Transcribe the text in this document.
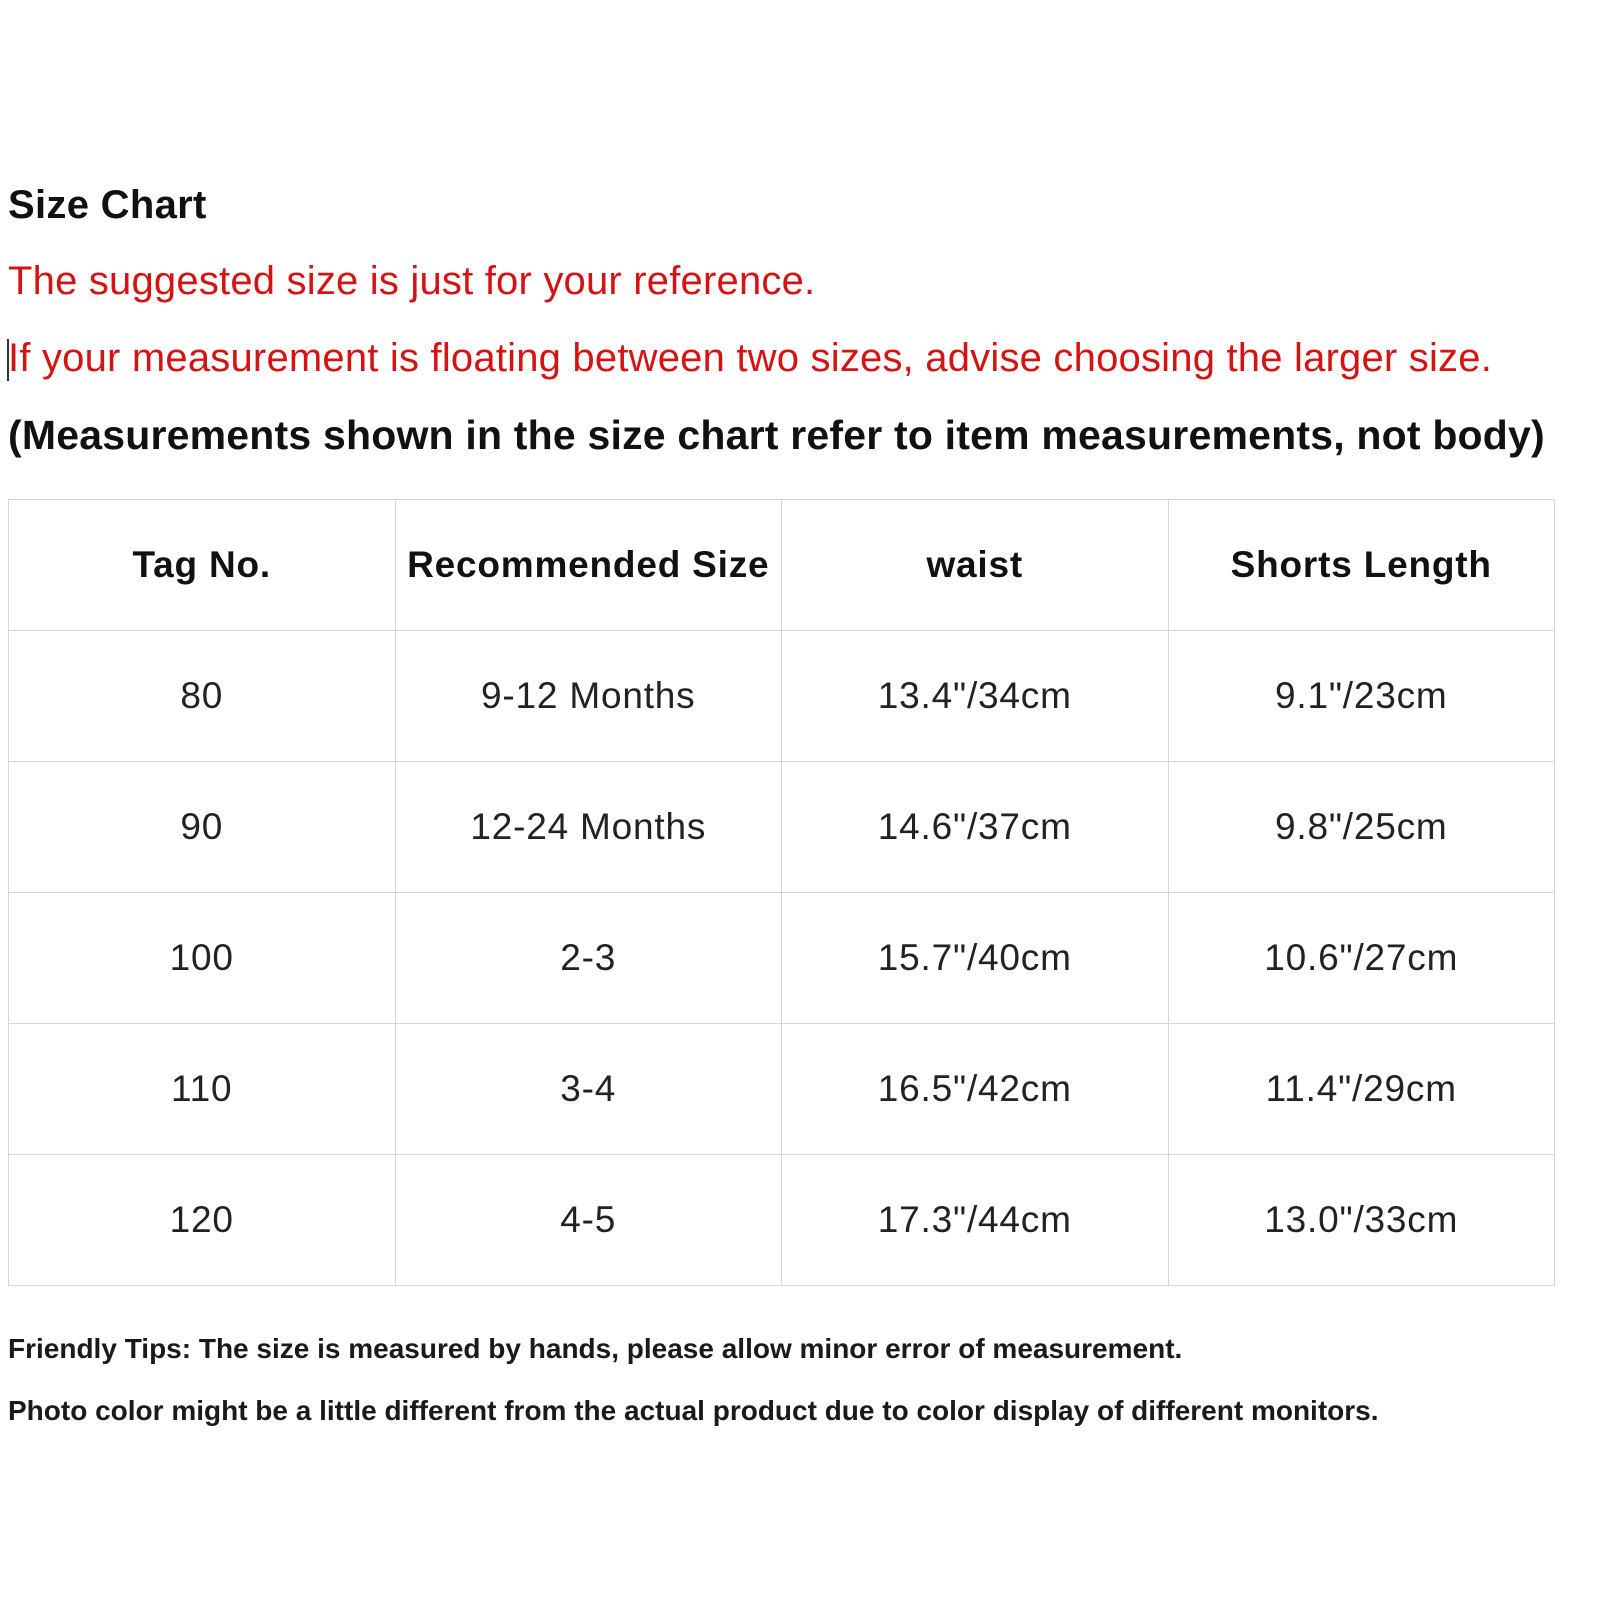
Size Chart
The suggested size is just for your reference.
If your measurement is floating between two sizes, advise choosing the larger size.
(Measurements shown in the size chart refer to item measurements, not body)
Tag No.	Recommended Size	waist	Shorts Length
80	9-12 Months	13.4"/34cm	9.1"/23cm
90	12-24 Months	14.6"/37cm	9.8"/25cm
100	2-3	15.7"/40cm	10.6"/27cm
110	3-4	16.5"/42cm	11.4"/29cm
120	4-5	17.3"/44cm	13.0"/33cm
Friendly Tips: The size is measured by hands, please allow minor error of measurement.
Photo color might be a little different from the actual product due to color display of different monitors.
